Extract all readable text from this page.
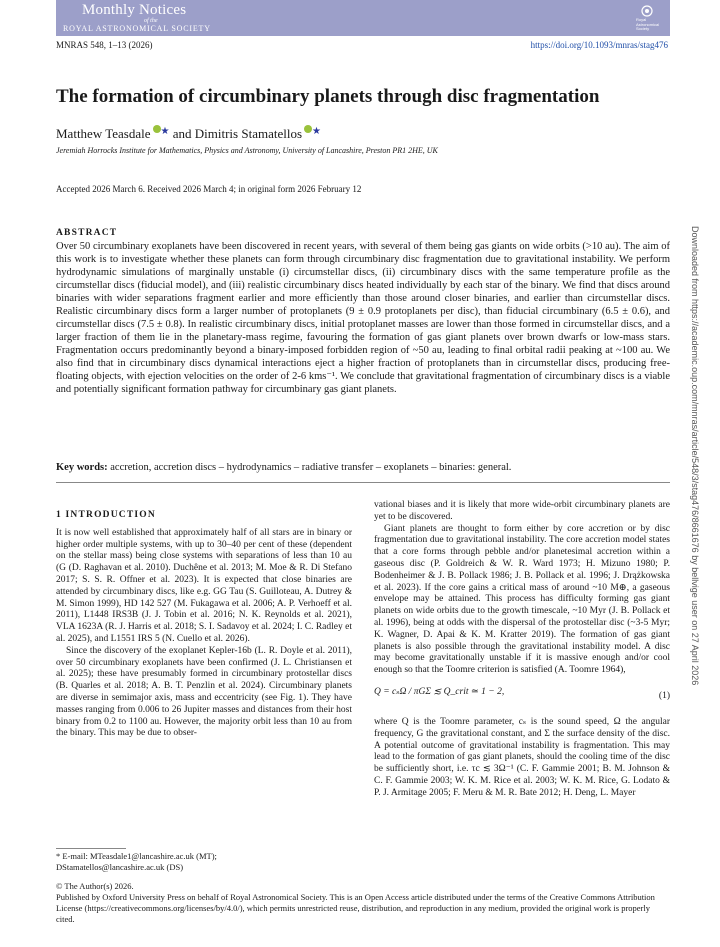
Monthly Notices
of the
ROYAL ASTRONOMICAL SOCIETY
Royal
Astronomical
Society
MNRAS 548, 1–13 (2026)	https://doi.org/10.1093/mnras/stag476
The formation of circumbinary planets through disc fragmentation
Matthew Teasdale ★ and Dimitris Stamatellos ★
Jeremiah Horrocks Institute for Mathematics, Physics and Astronomy, University of Lancashire, Preston PR1 2HE, UK
Accepted 2026 March 6. Received 2026 March 4; in original form 2026 February 12
ABSTRACT
Over 50 circumbinary exoplanets have been discovered in recent years, with several of them being gas giants on wide orbits (>10 au). The aim of this work is to investigate whether these planets can form through circumbinary disc fragmentation due to gravitational instability. We perform hydrodynamic simulations of marginally unstable (i) circumstellar discs, (ii) circumbinary discs with the same temperature profile as the circumstellar discs (fiducial model), and (iii) realistic circumbinary discs heated individually by each star of the binary. We find that discs around binaries with wider separations fragment earlier and more efficiently than those around closer binaries, and earlier than circumstellar discs. Realistic circumbinary discs form a larger number of protoplanets (9 ± 0.9 protoplanets per disc), than fiducial circumbinary (6.5 ± 0.6), and circumstellar discs (7.5 ± 0.8). In realistic circumbinary discs, initial protoplanet masses are lower than those formed in circumstellar discs, and a larger fraction of them lie in the planetary-mass regime, favouring the formation of gas giant planets over brown dwarfs or low-mass stars. Fragmentation occurs predominantly beyond a binary-imposed forbidden region of ~50 au, leading to final orbital radii peaking at ~100 au. We also find that in circumbinary discs dynamical interactions eject a higher fraction of protoplanets than in circumstellar discs, producing free-floating objects, with ejection velocities on the order of 2-6 kms⁻¹. We conclude that gravitational fragmentation of circumbinary discs is a viable and potentially significant formation pathway for circumbinary gas giant planets.
Key words: accretion, accretion discs – hydrodynamics – radiative transfer – exoplanets – binaries: general.
1 INTRODUCTION

It is now well established that approximately half of all stars are in binary or higher order multiple systems, with up to 30–40 per cent of these (dependent on the stellar mass) being close systems with separations of less than 10 au (G (D. Raghavan et al. 2010). Duchêne et al. 2013; M. Moe & R. Di Stefano 2017; S. S. R. Offner et al. 2023). It is expected that close binaries are attended by circumbinary discs, like e.g. GG Tau (S. Guilloteau, A. Dutrey & M. Simon 1999), HD 142 527 (M. Fukagawa et al. 2006; A. P. Verhoeff et al. 2011), L1448 IRS3B (J. J. Tobin et al. 2016; N. K. Reynolds et al. 2021), VLA 1623A (R. J. Harris et al. 2018; S. I. Sadavoy et al. 2024; I. C. Radley et al. 2025), and L1551 IRS 5 (N. Cuello et al. 2026).

Since the discovery of the exoplanet Kepler-16b (L. R. Doyle et al. 2011), over 50 circumbinary exoplanets have been confirmed (J. L. Christiansen et al. 2025); these have presumably formed in circumbinary protostellar discs (B. Quarles et al. 2018; A. B. T. Penzlin et al. 2024). Circumbinary planets are diverse in semimajor axis, mass and eccentricity (see Fig. 1). They have masses ranging from 0.006 to 26 Jupiter masses and distances from their host binary from 0.2 to 1100 au. However, the majority orbit less than 10 au from the binary. This may be due to obser-

vational biases and it is likely that more wide-orbit circumbinary planets are yet to be discovered.

Giant planets are thought to form either by core accretion or by disc fragmentation due to gravitational instability. The core accretion model states that a core forms through pebble and/or planetesimal accretion within a gaseous disc (P. Goldreich & W. R. Ward 1973; H. Mizuno 1980; P. Bodenheimer & J. B. Pollack 1986; J. B. Pollack et al. 1996; J. Drążkowska et al. 2023). If the core gains a critical mass of around ~10 M⊕, a gaseous envelope may be attained. This process has difficulty forming gas giant planets on wide orbits due to the growth timescale, ~10 Myr (J. B. Pollack et al. 1996), being at odds with the dispersal of the protostellar disc (~3-5 Myr; K. Wagner, D. Apai & K. M. Kratter 2019). The formation of gas giant planets is also possible through the gravitational instability model. A disc may become gravitationally unstable if it is massive enough and/or cool enough so that the Toomre criterion is satisfied (A. Toomre 1964),

Q = cₛΩ / πGΣ ≲ Q_crit ≃ 1 − 2,	(1)

where Q is the Toomre parameter, cₛ is the sound speed, Ω the angular frequency, G the gravitational constant, and Σ the surface density of the disc. A potential outcome of gravitational instability is fragmentation. This may lead to the formation of gas giant planets, should the cooling time of the disc be sufficiently short, i.e. τc ≲ 3Ω⁻¹ (C. F. Gammie 2001; B. M. Johnson & C. F. Gammie 2003; W. K. M. Rice et al. 2003; W. K. M. Rice, G. Lodato & P. J. Armitage 2005; F. Meru & M. R. Bate 2012; H. Deng, L. Mayer

* E-mail: MTeasdale1@lancashire.ac.uk (MT);
DStamatellos@lancashire.ac.uk (DS)
© The Author(s) 2026.
Published by Oxford University Press on behalf of Royal Astronomical Society. This is an Open Access article distributed under the terms of the Creative Commons Attribution License (https://creativecommons.org/licenses/by/4.0/), which permits unrestricted reuse, distribution, and reproduction in any medium, provided the original work is properly cited.
Downloaded from https://academic.oup.com/mnras/article/548/3/stag476/8661676 by bellvige user on 27 April 2026
